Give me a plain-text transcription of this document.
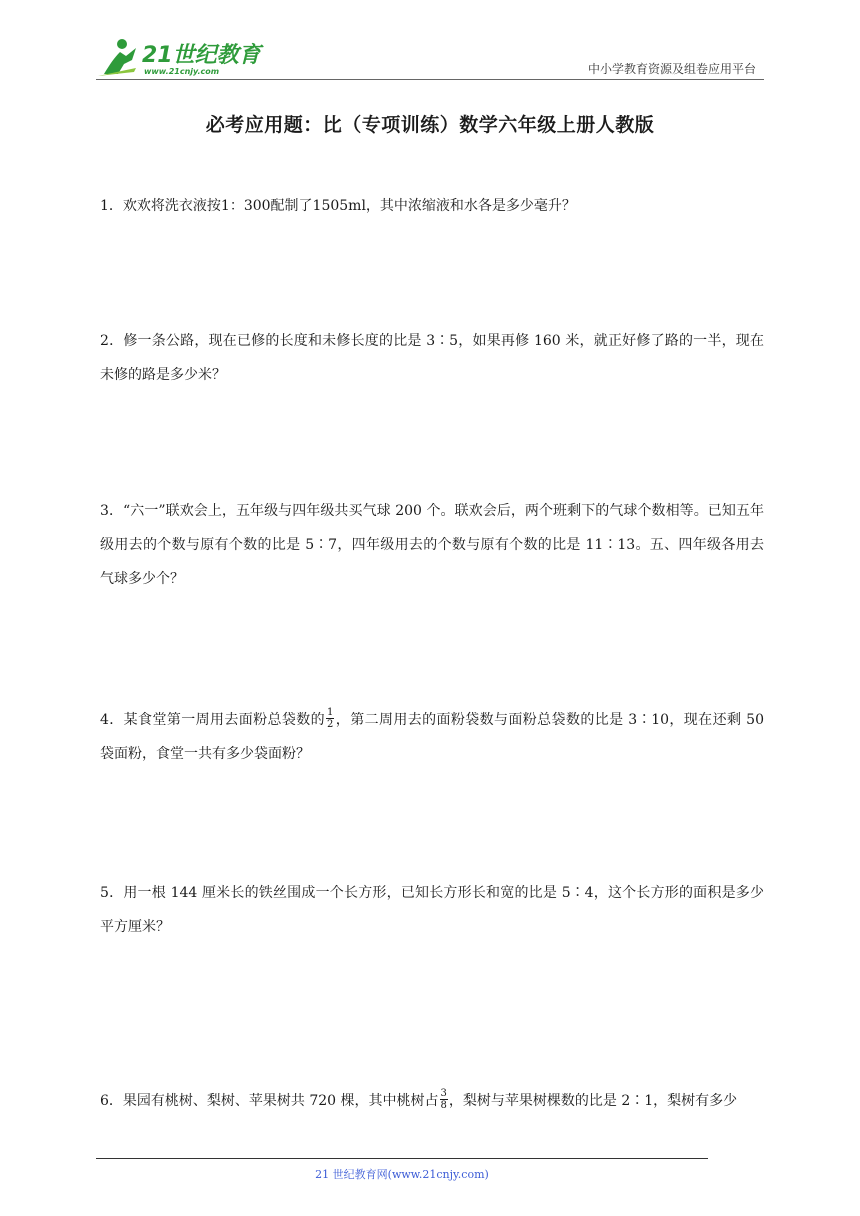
21世纪教育
www.21cnjy.com	中小学教育资源及组卷应用平台
必考应用题：比（专项训练）数学六年级上册人教版
1．欢欢将洗衣液按1：300配制了1505ml，其中浓缩液和水各是多少毫升？
2．修一条公路，现在已修的长度和未修长度的比是 3∶5，如果再修 160 米，就正好修了路的一半，现在未修的路是多少米？
3．“六一”联欢会上，五年级与四年级共买气球 200 个。联欢会后，两个班剩下的气球个数相等。已知五年级用去的个数与原有个数的比是 5∶7，四年级用去的个数与原有个数的比是 11∶13。五、四年级各用去气球多少个？
4．某食堂第一周用去面粉总袋数的 $\frac{1}{2}$ ，第二周用去的面粉袋数与面粉总袋数的比是 3∶10，现在还剩 50 袋面粉，食堂一共有多少袋面粉？
5．用一根 144 厘米长的铁丝围成一个长方形，已知长方形长和宽的比是 5∶4，这个长方形的面积是多少平方厘米？
6．果园有桃树、梨树、苹果树共 720 棵，其中桃树占 $\frac{3}{8}$ ，梨树与苹果树棵数的比是 2∶1，梨树有多少
21 世纪教育网(www.21cnjy.com)
